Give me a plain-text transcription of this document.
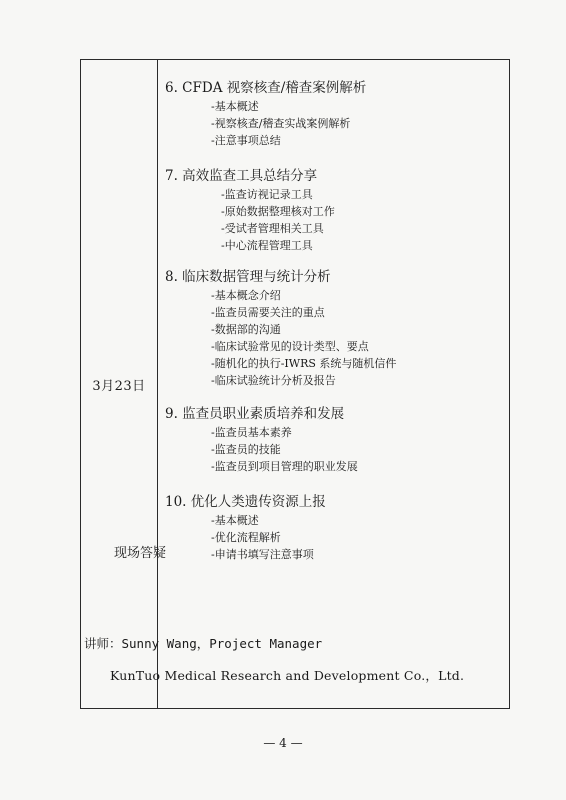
3月23日
6. CFDA 视察核查/稽查案例解析
-基本概述
-视察核查/稽查实战案例解析
-注意事项总结
7. 高效监查工具总结分享
-监查访视记录工具
-原始数据整理核对工作
-受试者管理相关工具
-中心流程管理工具
8. 临床数据管理与统计分析
-基本概念介绍
-监查员需要关注的重点
-数据部的沟通
-临床试验常见的设计类型、要点
-随机化的执行-IWRS 系统与随机信件
-临床试验统计分析及报告
9. 监查员职业素质培养和发展
-监查员基本素养
-监查员的技能
-监查员到项目管理的职业发展
10. 优化人类遗传资源上报
-基本概述
-优化流程解析
-申请书填写注意事项
现场答疑
讲师：Sunny Wang，Project Manager
KunTuo Medical Research and Development Co.，Ltd.
— 4 —
